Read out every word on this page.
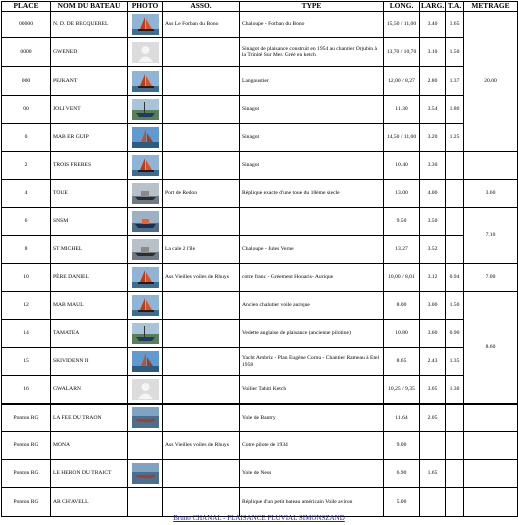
PLACE	NOM DU BATEAU	PHOTO	ASSO.	TYPE	LONG.	LARG.	T.A.	METRAGE
00000	N. D. DE BECQUEREL		Ass Le Forban du Bono	Chaloupe - Forban du Bono	15,50 / 11,00	3.40	1.65	20.00
0000	GWENED			Sinagot de plaisance construit en 1954 au chantier Orjubin à la Trinité Sur Mer. Gréé en ketch	13,70 / 10,70	3.10	1.50	
000	PEJKANT			Langoustier	12,00 / 8,27	2.80	1.37	
00	JOLI VENT			Sinagot	11.30	3.54	1.80	
0	MAB ER GUIP			Sinagot	14,50 / 11,00	3.20	1.25	
2	TROIS FRERES			Sinagot	10.40	3.30		
4	TOUE		Port de Redon	Réplique exacte d'une toue du 18ème siecle	13.00	4.00		3.60
6	SNSM				9.50	3.50		7.10
8	ST MICHEL		La cale 2 l'île	Chaloupe - Jules Verne	13.27	3.52		
10	PÈRE DANIEL		Ass Vieilles voiles de Rhuys	cotre franc - Gréement Houaris- Aurique	10,00 / 8,01	3.12	0.94	7.00
12	MAB MAUL			Ancien chalutier voile aurique	8.00	3.00	1.50	8.60
14	TAMATEA			Vedette anglaise de plaisance (ancienne pilotine)	10.80	3.60	0.90	
15	SKIVIDENN II			Yacht Ambriz - Plan Eugène Cornu - Chantier Rameau à Etel 1958	8.65	2.43	1.35	
16	GWALARN			Voilier Tahiti Ketch	10,25 / 9,35	3.05	1.30	
Ponton RG	LA FEE DU TRAON			Yole de Bantry	11.64	2.05		
Ponton RG	MONA		Ass Vieilles voiles de Rhuys	Cotre pilote de 1934	9.00			
Ponton RG	LE HERON DU TRAICT			Yole de Ness	6.90	1.65		
Ponton RG	AR CH'AVELL			Réplique d'un petit bateau américain Voile aviron	5.00			
Bruno CHANAL - PLAISANCE FLUVIAL SIMONSZAND
